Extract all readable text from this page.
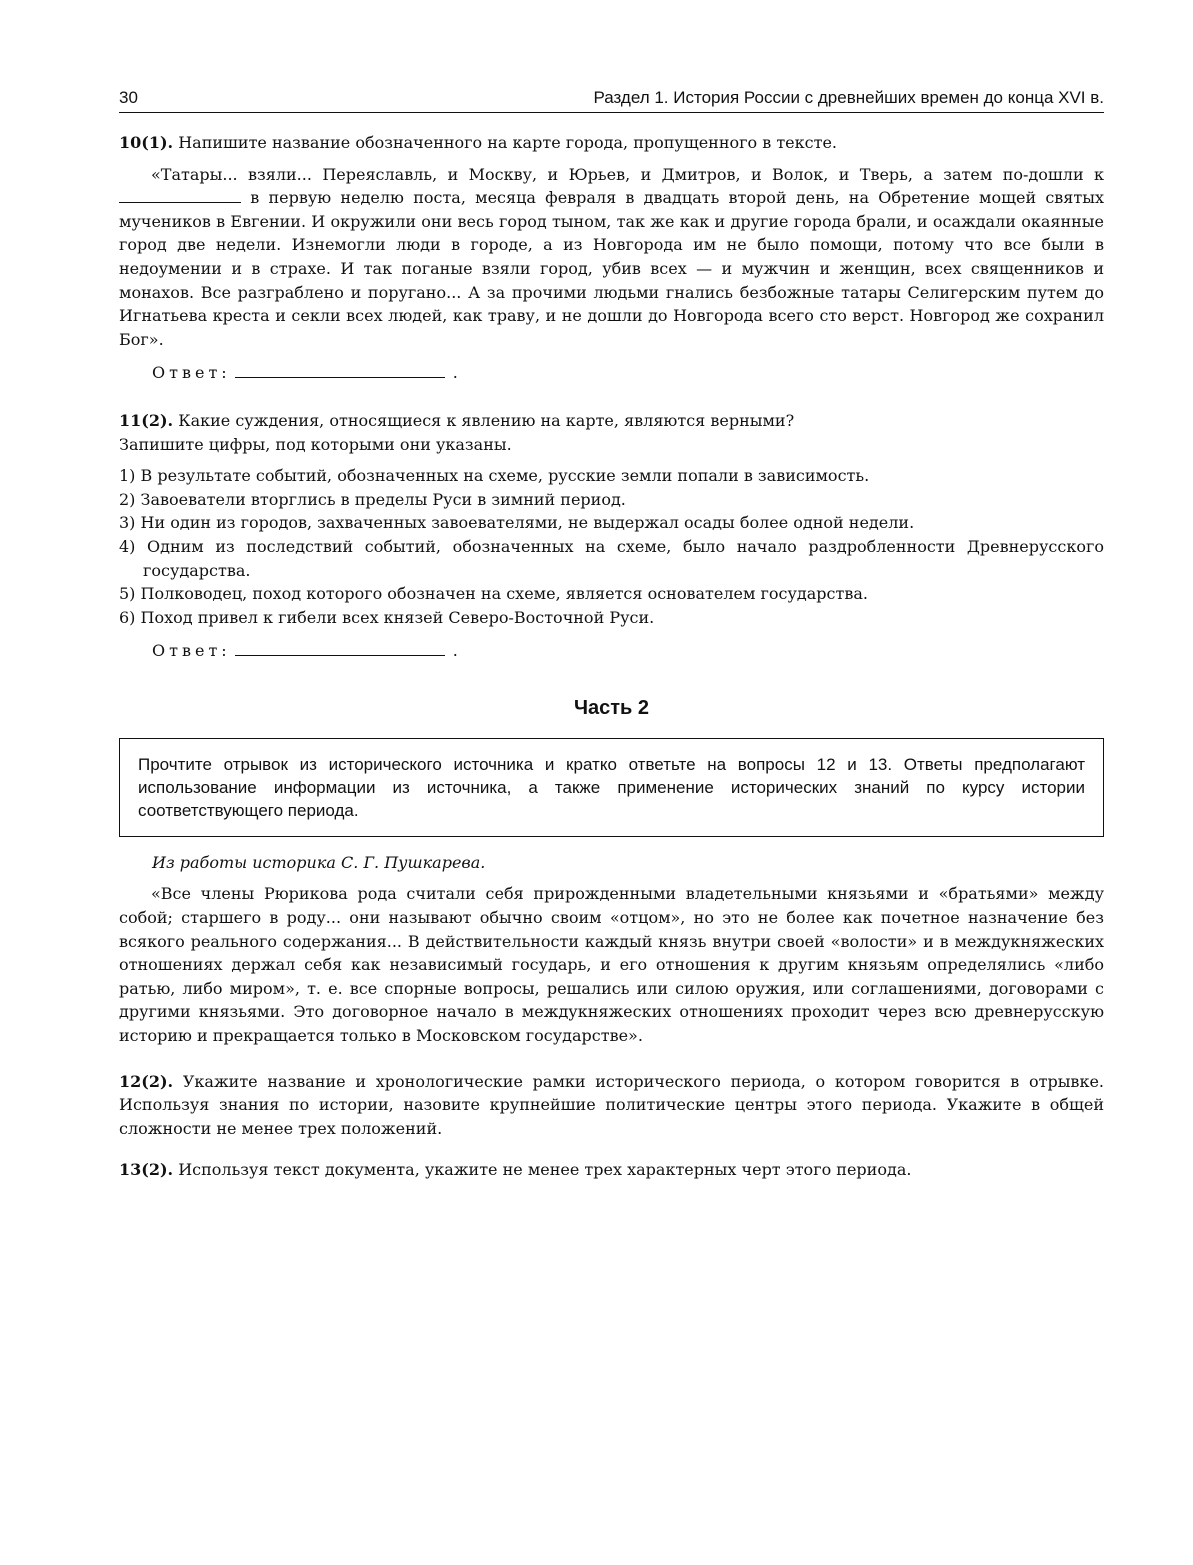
30	Раздел 1. История России с древнейших времен до конца XVI в.

10(1). Напишите название обозначенного на карте города, пропущенного в тексте.

«Татары... взяли... Переяславль, и Москву, и Юрьев, и Дмитров, и Волок, и Тверь, а затем по-дошли к  в первую неделю поста, месяца февраля в двадцать второй день, на Обретение мощей святых мучеников в Евгении. И окружили они весь город тыном, так же как и другие города брали, и осаждали окаянные город две недели. Изнемогли люди в городе, а из Новгорода им не было помощи, потому что все были в недоумении и в страхе. И так поганые взяли город, убив всех — и мужчин и женщин, всех священников и монахов. Все разграблено и поругано... А за прочими людьми гнались безбожные татары Селигерским путем до Игнатьева креста и секли всех людей, как траву, и не дошли до Новгорода всего сто верст. Новгород же сохранил Бог».

Ответ:	.

11(2). Какие суждения, относящиеся к явлению на карте, являются верными?
Запишите цифры, под которыми они указаны.

1) В результате событий, обозначенных на схеме, русские земли попали в зависимость.
2) Завоеватели вторглись в пределы Руси в зимний период.
3) Ни один из городов, захваченных завоевателями, не выдержал осады более одной недели.
4) Одним из последствий событий, обозначенных на схеме, было начало раздробленности Древнерусского государства.
5) Полководец, поход которого обозначен на схеме, является основателем государства.
6) Поход привел к гибели всех князей Северо-Восточной Руси.
Ответ:	.
Часть 2
Прочтите отрывок из исторического источника и кратко ответьте на вопросы 12 и 13. Ответы предполагают использование информации из источника, а также применение исторических знаний по курсу истории соответствующего периода.
Из работы историка С. Г. Пушкарева.

«Все члены Рюрикова рода считали себя прирожденными владетельными князьями и «братьями» между собой; старшего в роду... они называют обычно своим «отцом», но это не более как почетное назначение без всякого реального содержания... В действительности каждый князь внутри своей «волости» и в междукняжеских отношениях держал себя как независимый государь, и его отношения к другим князьям определялись «либо ратью, либо миром», т. е. все спорные вопросы, решались или силою оружия, или соглашениями, договорами с другими князьями. Это договорное начало в междукняжеских отношениях проходит через всю древнерусскую историю и прекращается только в Московском государстве».

12(2). Укажите название и хронологические рамки исторического периода, о котором говорится в отрывке. Используя знания по истории, назовите крупнейшие политические центры этого периода. Укажите в общей сложности не менее трех положений.

13(2). Используя текст документа, укажите не менее трех характерных черт этого периода.
